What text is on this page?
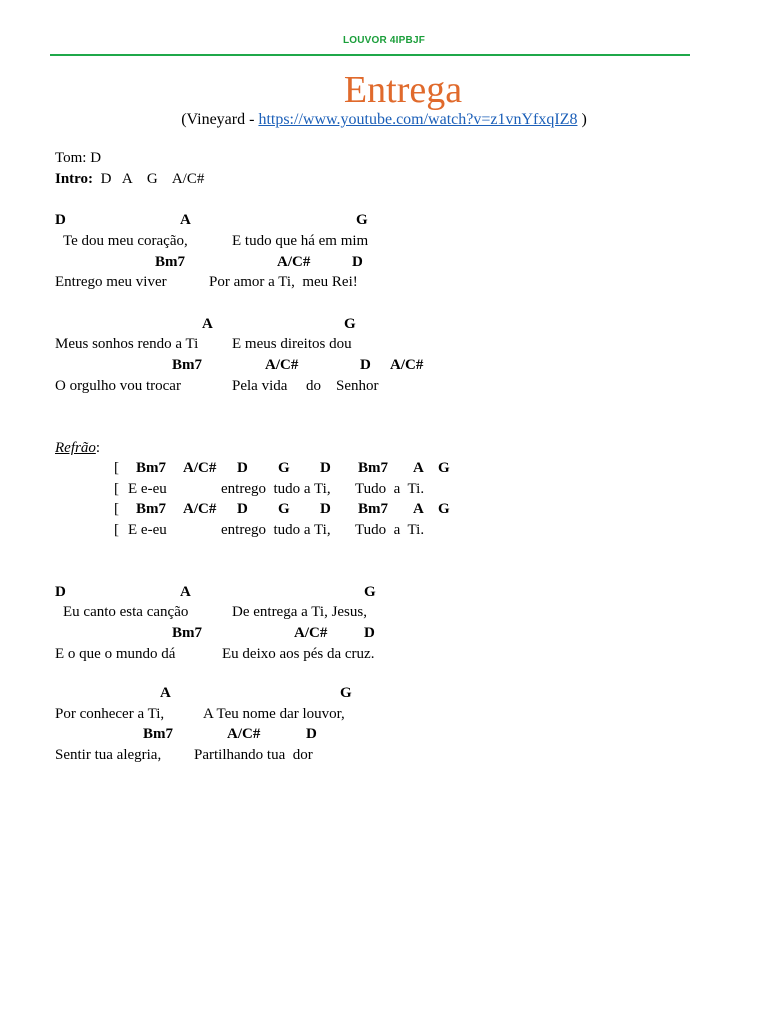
LOUVOR 4IPBJF
Entrega
(Vineyard - https://www.youtube.com/watch?v=z1vnYfxqIZ8 )
Tom: D
Intro: D   A    G    A/C#
D	A	G
Te dou meu coração,	E tudo que há em mim
Bm7	A/C#	D
Entrego meu viver	Por amor a Ti,  meu Rei!
A	G
Meus sonhos rendo a Ti E meus direitos dou
Bm7	A/C#	D A/C#
O orgulho vou trocar	Pela vida do Senhor
Refrão:
[ Bm7 A/C# D G D Bm7 A G
[ E e-eu	entrego  tudo a Ti, Tudo  a  Ti.
[ Bm7 A/C# D G D Bm7 A G
[ E e-eu	entrego  tudo a Ti, Tudo  a  Ti.
D	A	G
Eu canto esta canção	De entrega a Ti, Jesus,
Bm7	A/C# D
E o que o mundo dá	Eu deixo aos pés da cruz.
A	G
Por conhecer a Ti,	A Teu nome dar louvor,
Bm7	A/C#	D
Sentir tua alegria, Partilhando tua  dor
